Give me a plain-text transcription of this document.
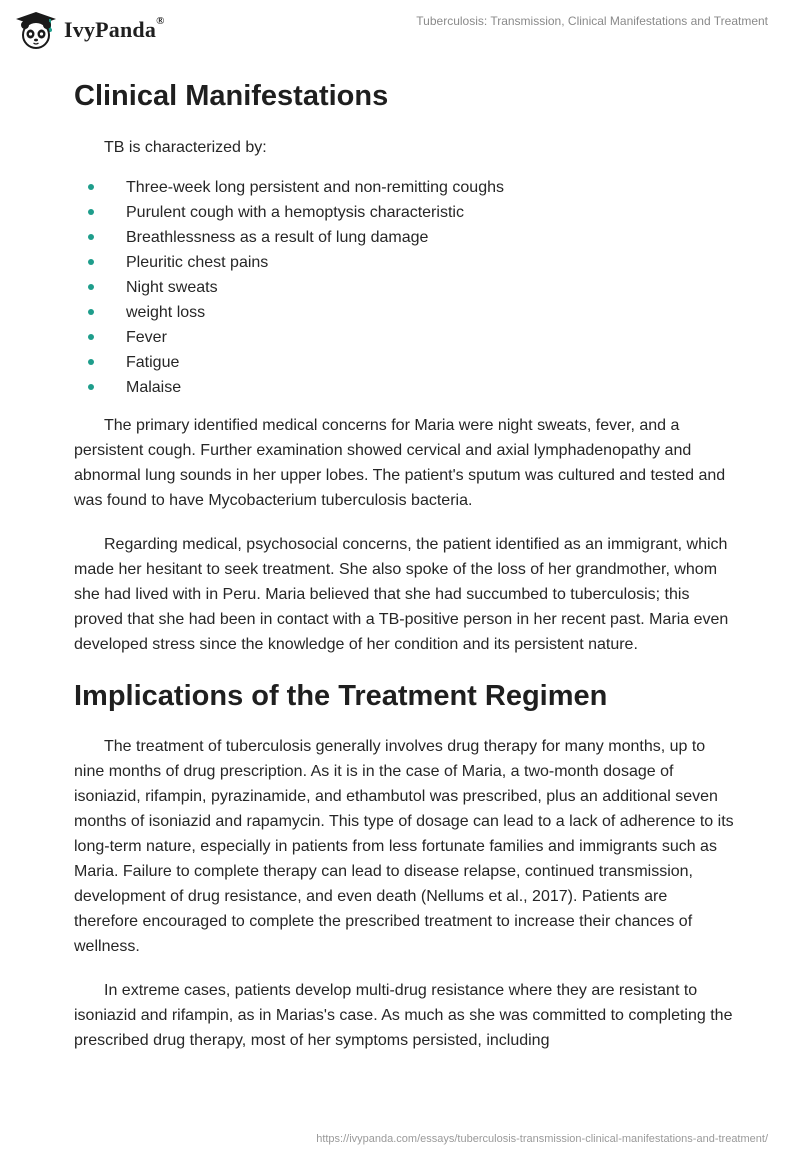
IvyPanda®	Tuberculosis: Transmission, Clinical Manifestations and Treatment
Clinical Manifestations

TB is characterized by:

Three-week long persistent and non-remitting coughs
Purulent cough with a hemoptysis characteristic
Breathlessness as a result of lung damage
Pleuritic chest pains
Night sweats
weight loss
Fever
Fatigue
Malaise

The primary identified medical concerns for Maria were night sweats, fever, and a persistent cough. Further examination showed cervical and axial lymphadenopathy and abnormal lung sounds in her upper lobes. The patient's sputum was cultured and tested and was found to have Mycobacterium tuberculosis bacteria.

Regarding medical, psychosocial concerns, the patient identified as an immigrant, which made her hesitant to seek treatment. She also spoke of the loss of her grandmother, whom she had lived with in Peru. Maria believed that she had succumbed to tuberculosis; this proved that she had been in contact with a TB-positive person in her recent past. Maria even developed stress since the knowledge of her condition and its persistent nature.

Implications of the Treatment Regimen

The treatment of tuberculosis generally involves drug therapy for many months, up to nine months of drug prescription. As it is in the case of Maria, a two-month dosage of isoniazid, rifampin, pyrazinamide, and ethambutol was prescribed, plus an additional seven months of isoniazid and rapamycin. This type of dosage can lead to a lack of adherence to its long-term nature, especially in patients from less fortunate families and immigrants such as Maria. Failure to complete therapy can lead to disease relapse, continued transmission, development of drug resistance, and even death (Nellums et al., 2017). Patients are therefore encouraged to complete the prescribed treatment to increase their chances of wellness.

In extreme cases, patients develop multi-drug resistance where they are resistant to isoniazid and rifampin, as in Marias's case. As much as she was committed to completing the prescribed drug therapy, most of her symptoms persisted, including

https://ivypanda.com/essays/tuberculosis-transmission-clinical-manifestations-and-treatment/
